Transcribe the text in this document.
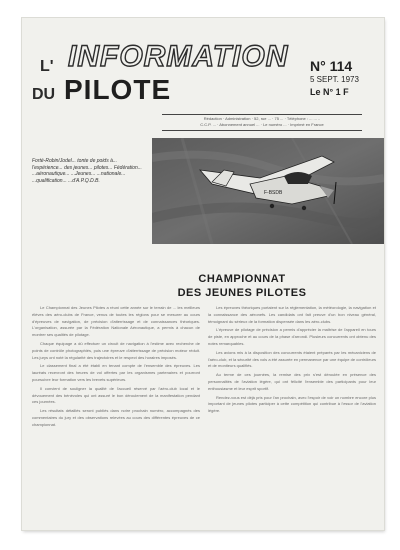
L' INFORMATION
DU PILOTE
N° 114
5 SEPT. 1973
Le N° 1 F
Rédaction · Administration · 52, rue ... · 75 ... · Téléphone : ... ... ..
C.C.P. ... · Abonnement annuel ... · Le numéro ... · Imprimé en France
F-BSDB
Forté-Robin/Jodel... tonte de poids à... l'expérience... des jeunes... pilotes... Fédération... ...aéronautique... ...Jeunes... ...nationale... ...qualification... ...d'A.P.Q.D.B.
CHAMPIONNAT
DES JEUNES PILOTES

Le Championnat des Jeunes Pilotes a réuni cette année sur le terrain de ... les meilleurs élèves des aéro-clubs de France, venus de toutes les régions pour se mesurer au cours d'épreuves de navigation, de précision d'atterrissage et de connaissances théoriques. L'organisation, assurée par la Fédération Nationale Aéronautique, a permis à chacun de montrer ses qualités de pilotage.

Chaque équipage a dû effectuer un circuit de navigation à l'estime avec recherche de points de contrôle photographiés, puis une épreuve d'atterrissage de précision moteur réduit. Les jurys ont noté la régularité des trajectoires et le respect des horaires imposés.

Le classement final a été établi en tenant compte de l'ensemble des épreuves. Les lauréats recevront des heures de vol offertes par les organismes partenaires et pourront poursuivre leur formation vers les brevets supérieurs.

Il convient de souligner la qualité de l'accueil réservé par l'aéro-club local et le dévouement des bénévoles qui ont assuré le bon déroulement de la manifestation pendant ces journées.

Les résultats détaillés seront publiés dans notre prochain numéro, accompagnés des commentaires du jury et des observations relevées au cours des différentes épreuves de ce championnat.

Les épreuves théoriques portaient sur la réglementation, la météorologie, la navigation et la connaissance des aéronefs. Les candidats ont fait preuve d'un bon niveau général, témoignant du sérieux de la formation dispensée dans les aéro-clubs.

L'épreuve de pilotage de précision a permis d'apprécier la maîtrise de l'appareil en tours de piste, en approche et au cours de la phase d'arrondi. Plusieurs concurrents ont obtenu des notes remarquables.

Les avions mis à la disposition des concurrents étaient préparés par les mécaniciens de l'aéro-club, et la sécurité des vols a été assurée en permanence par une équipe de contrôleurs et de moniteurs qualifiés.

Au terme de ces journées, la remise des prix s'est déroulée en présence des personnalités de l'aviation légère, qui ont félicité l'ensemble des participants pour leur enthousiasme et leur esprit sportif.

Rendez-vous est déjà pris pour l'an prochain, avec l'espoir de voir un nombre encore plus important de jeunes pilotes participer à cette compétition qui contribue à l'essor de l'aviation légère.
